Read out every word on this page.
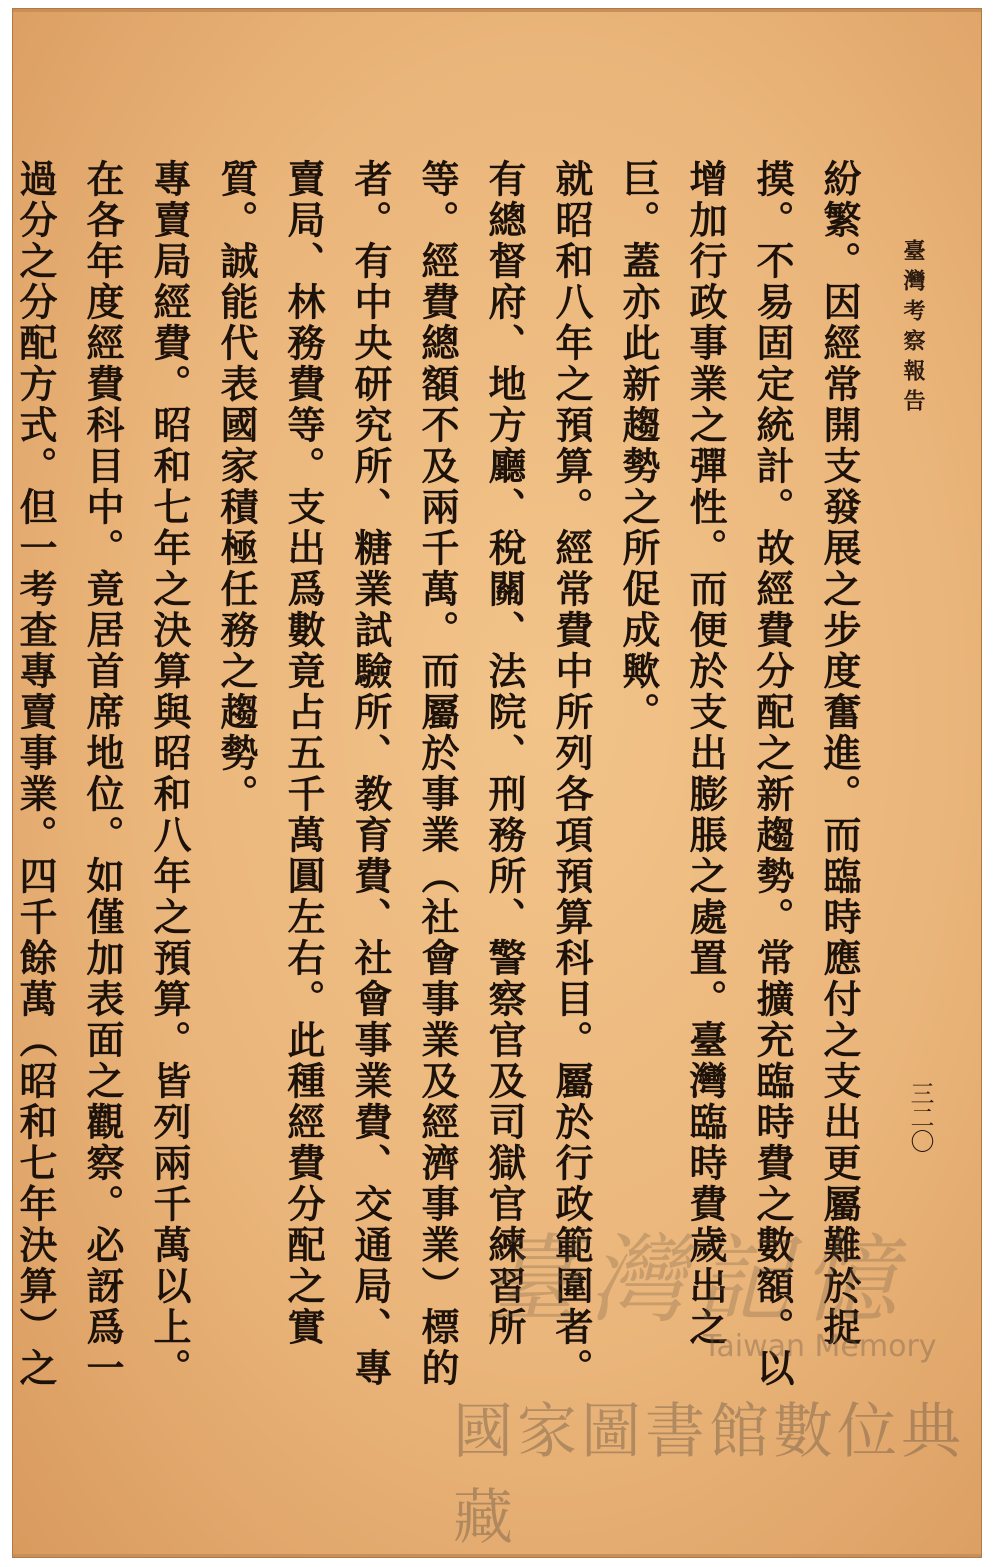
臺灣考察報告
三二〇

紛繁。因經常開支發展之步度奮進。而臨時應付之支出更屬難於捉摸。不易固定統計。故經費分配之新趨勢。常擴充臨時費之數額。以增加行政事業之彈性。而便於支出膨脹之處置。臺灣臨時費歲出之巨。蓋亦此新趨勢之所促成歟。

就昭和八年之預算。經常費中所列各項預算科目。屬於行政範圍者。有總督府、地方廳、稅關、法院、刑務所、警察官及司獄官練習所等。經費總額不及兩千萬。而屬於事業（社會事業及經濟事業）標的者。有中央研究所、糖業試驗所、教育費、社會事業費、交通局、專賣局、林務費等。支出爲數竟占五千萬圓左右。此種經費分配之實質。誠能代表國家積極任務之趨勢。

專賣局經費。昭和七年之決算與昭和八年之預算。皆列兩千萬以上。在各年度經費科目中。竟居首席地位。如僅加表面之觀察。必訝爲一過分之分配方式。但一考查專賣事業。四千餘萬（昭和七年決算）之

臺灣記憶
Taiwan Memory
國家圖書館數位典藏
